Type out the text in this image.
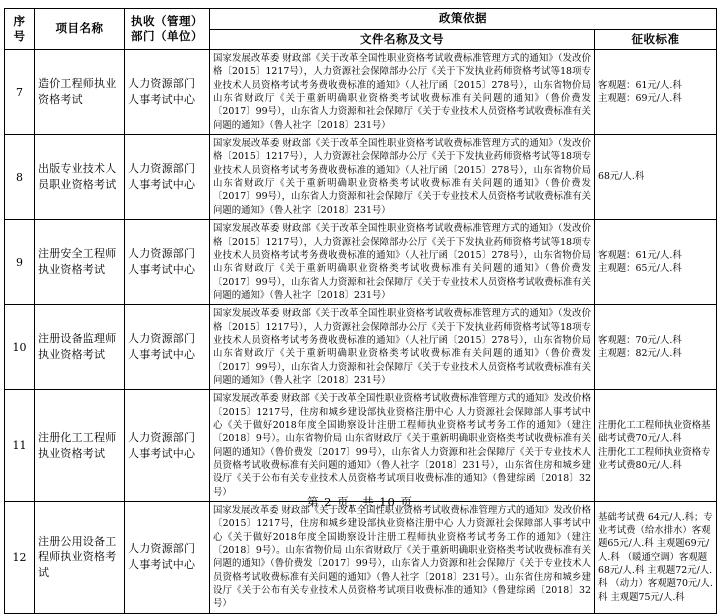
序号	项目名称	执收（管理）部门（单位）	政策依据	
			文件名称及文号	征收标准
7	造价工程师执业资格考试	人力资源部门人事考试中心	国家发展改革委 财政部《关于改革全国性职业资格考试收费标准管理方式的通知》（发改价格〔2015〕1217号），人力资源社会保障部办公厅《关于下发执业药师资格考试等18项专业技术人员资格考试考务费收费标准的通知》（人社厅函〔2015〕278号），山东省物价局 山东省财政厅《关于重新明确职业资格类考试收费标准有关问题的通知》（鲁价费发〔2017〕99号），山东省人力资源和社会保障厅《关于专业技术人员资格考试收费标准有关问题的通知》（鲁人社字〔2018〕231号）	客观题：61元/人.科
主观题：69元/人.科
8	出版专业技术人员职业资格考试	人力资源部门人事考试中心	国家发展改革委 财政部《关于改革全国性职业资格考试收费标准管理方式的通知》（发改价格〔2015〕1217号），人力资源社会保障部办公厅《关于下发执业药师资格考试等18项专业技术人员资格考试考务费收费标准的通知》（人社厅函〔2015〕278号），山东省物价局 山东省财政厅《关于重新明确职业资格类考试收费标准有关问题的通知》（鲁价费发〔2017〕99号），山东省人力资源和社会保障厅《关于专业技术人员资格考试收费标准有关问题的通知》（鲁人社字〔2018〕231号）	68元/人.科
9	注册安全工程师执业资格考试	人力资源部门人事考试中心	国家发展改革委 财政部《关于改革全国性职业资格考试收费标准管理方式的通知》（发改价格〔2015〕1217号），人力资源社会保障部办公厅《关于下发执业药师资格考试等18项专业技术人员资格考试考务费收费标准的通知》（人社厅函〔2015〕278号），山东省物价局 山东省财政厅《关于重新明确职业资格类考试收费标准有关问题的通知》（鲁价费发〔2017〕99号），山东省人力资源和社会保障厅《关于专业技术人员资格考试收费标准有关问题的通知》（鲁人社字〔2018〕231号）	客观题：61元/人.科
主观题：65元/人.科
10	注册设备监理师执业资格考试	人力资源部门人事考试中心	国家发展改革委 财政部《关于改革全国性职业资格考试收费标准管理方式的通知》（发改价格〔2015〕1217号），人力资源社会保障部办公厅《关于下发执业药师资格考试等18项专业技术人员资格考试考务费收费标准的通知》（人社厅函〔2015〕278号），山东省物价局 山东省财政厅《关于重新明确职业资格类考试收费标准有关问题的通知》（鲁价费发〔2017〕99号），山东省人力资源和社会保障厅《关于专业技术人员资格考试收费标准有关问题的通知》（鲁人社字〔2018〕231号）	客观题：70元/人.科
主观题：82元/人.科
11	注册化工工程师执业资格考试	人力资源部门人事考试中心	国家发展改革委 财政部《关于改革全国性职业资格考试收费标准管理方式的通知》发改价格〔2015〕1217号，住房和城乡建设部执业资格注册中心 人力资源社会保障部人事考试中心《关于做好2018年度全国勘察设计注册工程师执业资格考试考务工作的通知》（建注〔2018〕9号）。山东省物价局 山东省财政厅《关于重新明确职业资格类考试收费标准有关问题的通知》（鲁价费发〔2017〕99号），山东省人力资源和社会保障厅《关于专业技术人员资格考试收费标准有关问题的通知》（鲁人社字〔2018〕231号），山东省住房和城乡建设厅《关于公布有关专业技术人员资格考试项目收费标准的通知》（鲁建综函〔2018〕32号）	注册化工工程师执业资格基础考试费70元/人.科
注册化工工程师执业资格专业考试费80元/人.科
12	注册公用设备工程师执业资格考试	人力资源部门人事考试中心	国家发展改革委 财政部《关于改革全国性职业资格考试收费标准管理方式的通知》发改价格〔2015〕1217号，住房和城乡建设部执业资格注册中心 人力资源社会保障部人事考试中心《关于做好2018年度全国勘察设计注册工程师执业资格考试考务工作的通知》（建注〔2018〕9号）。山东省物价局 山东省财政厅《关于重新明确职业资格类考试收费标准有关问题的通知》（鲁价费发〔2017〕99号），山东省人力资源和社会保障厅《关于专业技术人员资格考试收费标准有关问题的通知》（鲁人社字〔2018〕231号）。山东省住房和城乡建设厅《关于公布有关专业技术人员资格考试项目收费标准的通知》（鲁建综函〔2018〕32号）	基础考试费 64元/人.科；专业考试费（给水排水）客观题65元/人.科 主观题69元/人.科 （暖通空调）客观题68元/人.科 主观题72元/人.科 （动力）客观题70元/人.科 主观题75元/人.科
第 2 页，共 10 页
